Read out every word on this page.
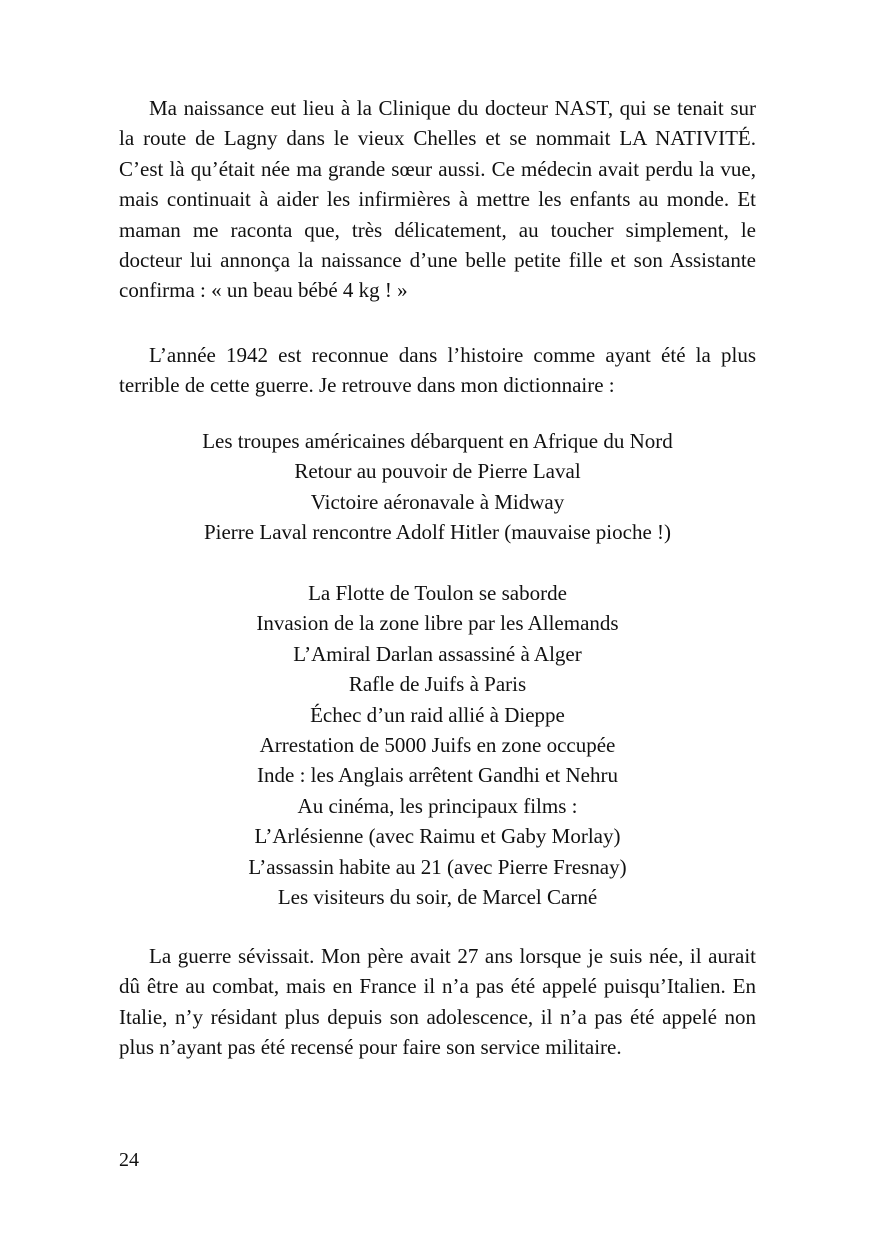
Ma naissance eut lieu à la Clinique du docteur NAST, qui se tenait sur la route de Lagny dans le vieux Chelles et se nommait LA NATIVITÉ. C’est là qu’était née ma grande sœur aussi. Ce médecin avait perdu la vue, mais continuait à aider les infirmières à mettre les enfants au monde. Et maman me raconta que, très délicatement, au toucher simplement, le docteur lui annonça la naissance d’une belle petite fille et son Assistante confirma : « un beau bébé 4 kg ! »

L’année 1942 est reconnue dans l’histoire comme ayant été la plus terrible de cette guerre. Je retrouve dans mon dictionnaire :

Les troupes américaines débarquent en Afrique du Nord
Retour au pouvoir de Pierre Laval
Victoire aéronavale à Midway
Pierre Laval rencontre Adolf Hitler (mauvaise pioche !)
La Flotte de Toulon se saborde
Invasion de la zone libre par les Allemands
L’Amiral Darlan assassiné à Alger
Rafle de Juifs à Paris
Échec d’un raid allié à Dieppe
Arrestation de 5000 Juifs en zone occupée
Inde : les Anglais arrêtent Gandhi et Nehru
Au cinéma, les principaux films :
L’Arlésienne (avec Raimu et Gaby Morlay)
L’assassin habite au 21 (avec Pierre Fresnay)
Les visiteurs du soir, de Marcel Carné

La guerre sévissait. Mon père avait 27 ans lorsque je suis née, il aurait dû être au combat, mais en France il n’a pas été appelé puisqu’Italien. En Italie, n’y résidant plus depuis son adolescence, il n’a pas été appelé non plus n’ayant pas été recensé pour faire son service militaire.

24
